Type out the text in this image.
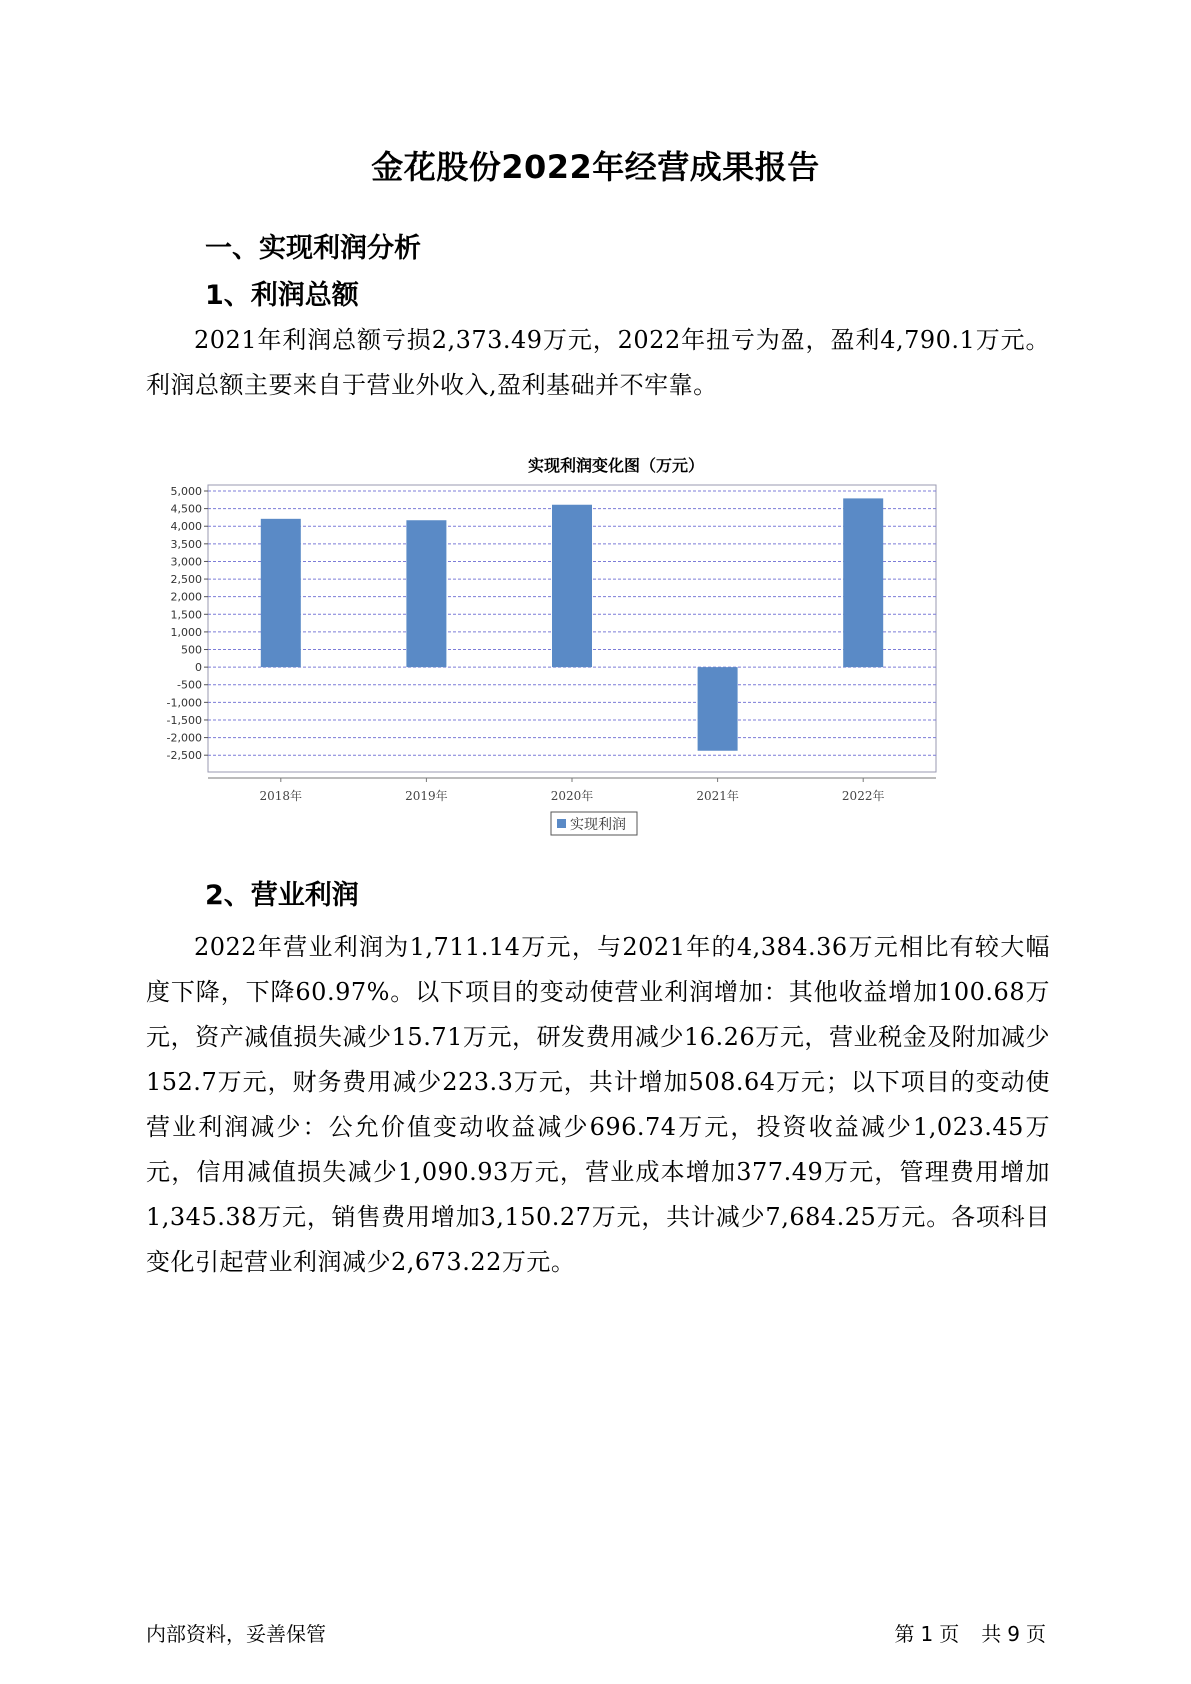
金花股份2022年经营成果报告
一、实现利润分析
1、利润总额

2021年利润总额亏损2,373.49万元，2022年扭亏为盈，盈利4,790.1万元。利润总额主要来自于营业外收入,盈利基础并不牢靠。

实现利润变化图（万元）
5,000
4,500
4,000
3,500
3,000
2,500
2,000
1,500
1,000
500
0
-500
-1,000
-1,500
-2,000
-2,500
2018年	2019年	2020年	2021年	2022年
实现利润
2、营业利润

2022年营业利润为1,711.14万元，与2021年的4,384.36万元相比有较大幅度下降，下降60.97%。以下项目的变动使营业利润增加：其他收益增加100.68万元，资产减值损失减少15.71万元，研发费用减少16.26万元，营业税金及附加减少152.7万元，财务费用减少223.3万元，共计增加508.64万元；以下项目的变动使营业利润减少：公允价值变动收益减少696.74万元，投资收益减少1,023.45万元，信用减值损失减少1,090.93万元，营业成本增加377.49万元，管理费用增加1,345.38万元，销售费用增加3,150.27万元，共计减少7,684.25万元。各项科目变化引起营业利润减少2,673.22万元。

内部资料，妥善保管	第 1 页 共 9 页
